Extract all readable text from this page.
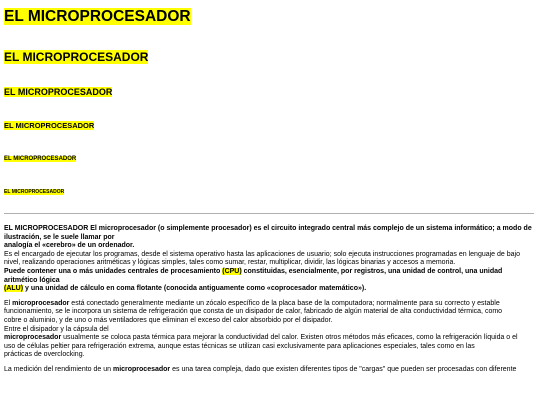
EL MICROPROCESADOR
EL MICROPROCESADOR
EL MICROPROCESADOR
EL MICROPROCESADOR
EL MICROPROCESADOR
EL MICROPROCESADOR

EL MICROPROCESADOR El microprocesador (o simplemente procesador) es el circuito integrado central más complejo de un sistema informático; a modo de ilustración, se le suele llamar por
analogía el «cerebro» de un ordenador.
Es el encargado de ejecutar los programas, desde el sistema operativo hasta las aplicaciones de usuario; solo ejecuta instrucciones programadas en lenguaje de bajo
nivel, realizando operaciones aritméticas y lógicas simples, tales como sumar, restar, multiplicar, dividir, las lógicas binarias y accesos a memoria.
Puede contener una o más unidades centrales de procesamiento (CPU) constituidas, esencialmente, por registros, una unidad de control, una unidad aritmético lógica
(ALU) y una unidad de cálculo en coma flotante (conocida antiguamente como «coprocesador matemático»).

El microprocesador está conectado generalmente mediante un zócalo específico de la placa base de la computadora; normalmente para su correcto y estable
funcionamiento, se le incorpora un sistema de refrigeración que consta de un disipador de calor, fabricado de algún material de alta conductividad térmica, como
cobre o aluminio, y de uno o más ventiladores que eliminan el exceso del calor absorbido por el disipador.
Entre el disipador y la cápsula del
microprocesador usualmente se coloca pasta térmica para mejorar la conductividad del calor. Existen otros métodos más eficaces, como la refrigeración líquida o el
uso de células peltier para refrigeración extrema, aunque estas técnicas se utilizan casi exclusivamente para aplicaciones especiales, tales como en las
prácticas de overclocking.

La medición del rendimiento de un microprocesador es una tarea compleja, dado que existen diferentes tipos de "cargas" que pueden ser procesadas con diferente
